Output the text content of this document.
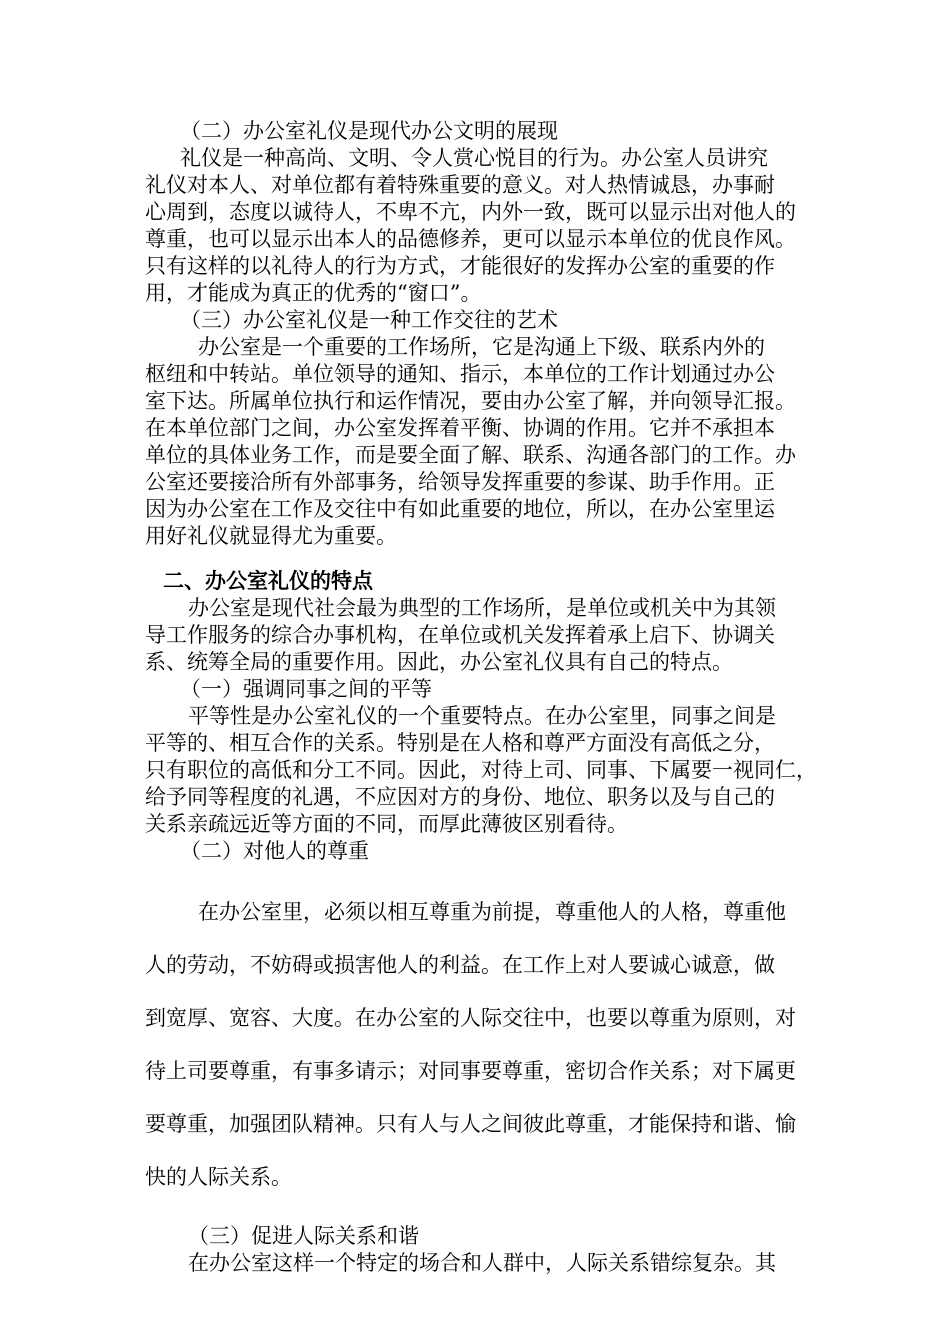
（二）办公室礼仪是现代办公文明的展现

礼仪是一种高尚、文明、令人赏心悦目的行为。办公室人员讲究

礼仪对本人、对单位都有着特殊重要的意义。对人热情诚恳，办事耐

心周到，态度以诚待人，不卑不亢，内外一致，既可以显示出对他人的

尊重，也可以显示出本人的品德修养，更可以显示本单位的优良作风。

只有这样的以礼待人的行为方式，才能很好的发挥办公室的重要的作

用，才能成为真正的优秀的“窗口”。

（三）办公室礼仪是一种工作交往的艺术

办公室是一个重要的工作场所，它是沟通上下级、联系内外的

枢纽和中转站。单位领导的通知、指示，本单位的工作计划通过办公

室下达。所属单位执行和运作情况，要由办公室了解，并向领导汇报。

在本单位部门之间，办公室发挥着平衡、协调的作用。它并不承担本

单位的具体业务工作，而是要全面了解、联系、沟通各部门的工作。办

公室还要接洽所有外部事务，给领导发挥重要的参谋、助手作用。正

因为办公室在工作及交往中有如此重要的地位，所以，在办公室里运

用好礼仪就显得尤为重要。

二、办公室礼仪的特点

办公室是现代社会最为典型的工作场所，是单位或机关中为其领

导工作服务的综合办事机构，在单位或机关发挥着承上启下、协调关

系、统筹全局的重要作用。因此，办公室礼仪具有自己的特点。

（一）强调同事之间的平等

平等性是办公室礼仪的一个重要特点。在办公室里，同事之间是

平等的、相互合作的关系。特别是在人格和尊严方面没有高低之分，

只有职位的高低和分工不同。因此，对待上司、同事、下属要一视同仁，

给予同等程度的礼遇，不应因对方的身份、地位、职务以及与自己的

关系亲疏远近等方面的不同，而厚此薄彼区别看待。

（二）对他人的尊重

在办公室里，必须以相互尊重为前提，尊重他人的人格，尊重他

人的劳动，不妨碍或损害他人的利益。在工作上对人要诚心诚意，做

到宽厚、宽容、大度。在办公室的人际交往中，也要以尊重为原则，对

待上司要尊重，有事多请示；对同事要尊重，密切合作关系；对下属更

要尊重，加强团队精神。只有人与人之间彼此尊重，才能保持和谐、愉

快的人际关系。

（三）促进人际关系和谐

在办公室这样一个特定的场合和人群中，人际关系错综复杂。其
